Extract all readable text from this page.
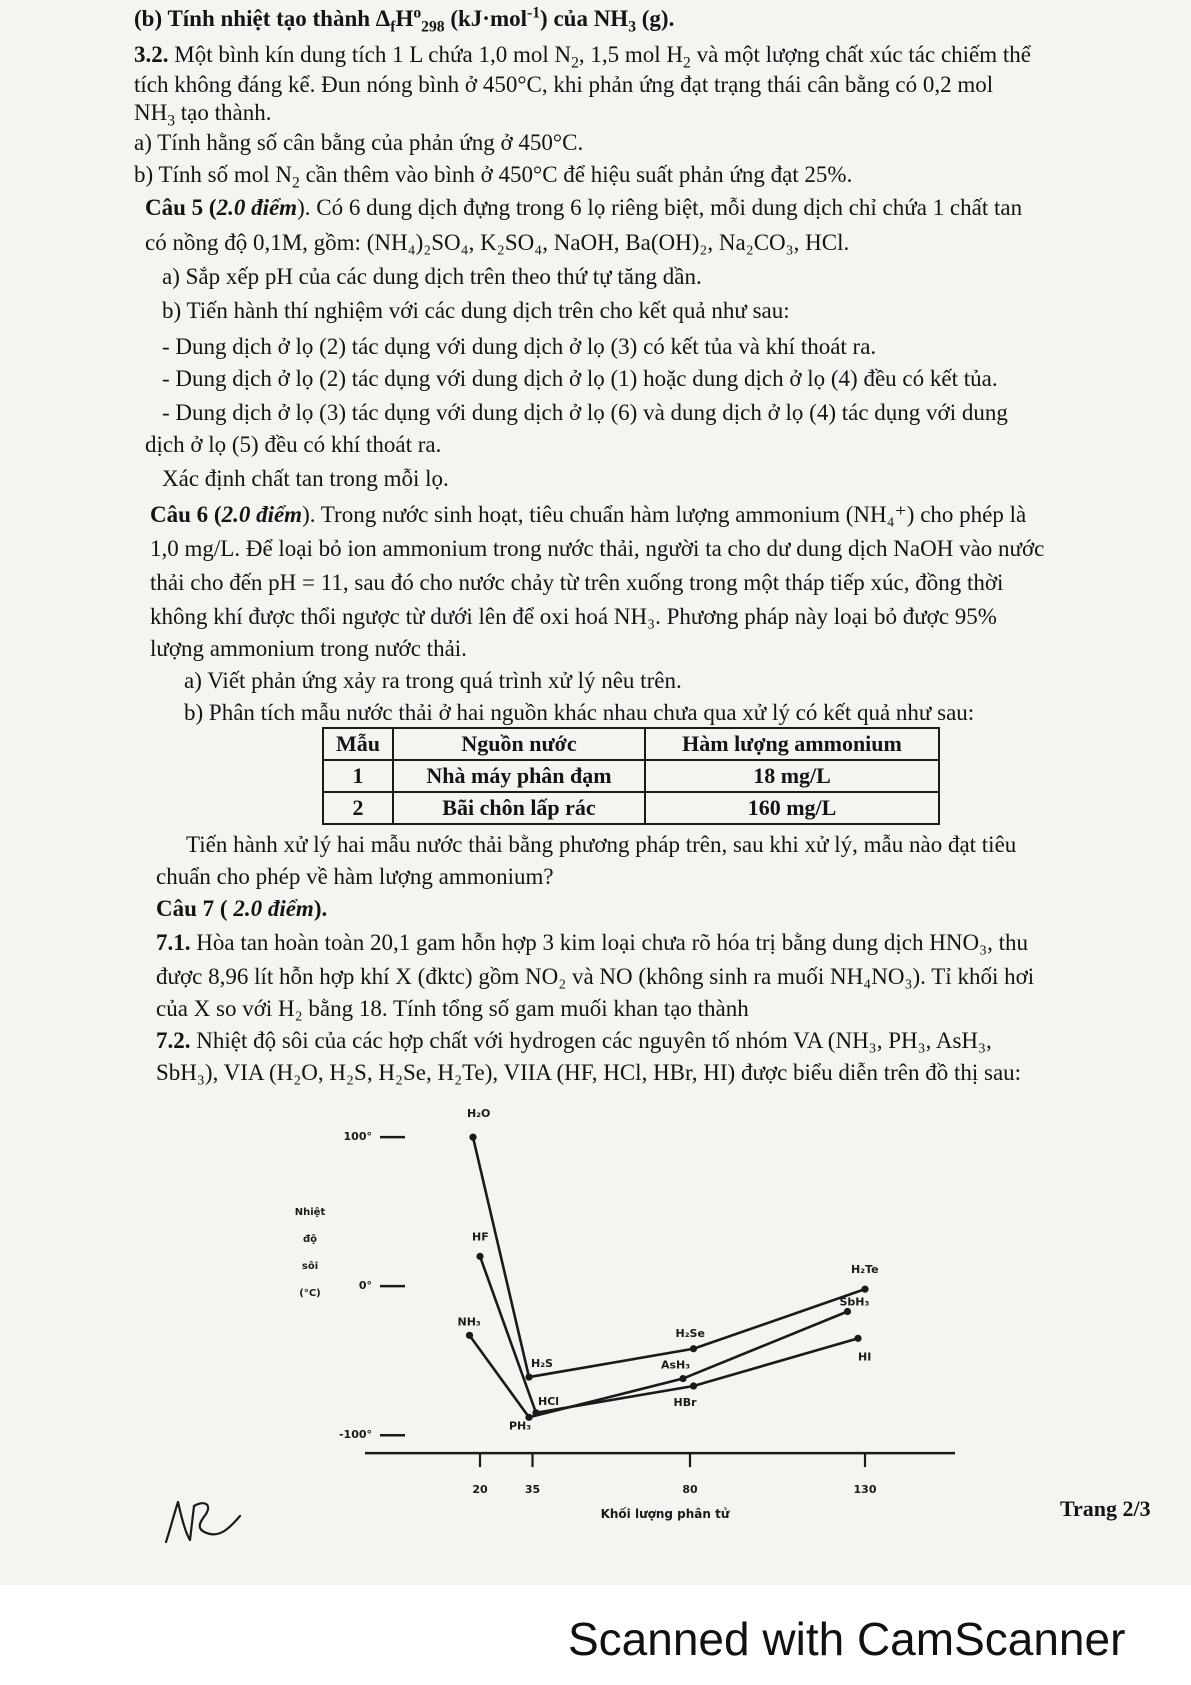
(b) Tính nhiệt tạo thành $\Delta_fH^o_{298}$ (kJ·mol$^{-1}$) của $NH_3$ (g).
3.2. Một bình kín dung tích 1 L chứa 1,0 mol $N_2$, 1,5 mol $H_2$ và một lượng chất xúc tác chiếm thể
tích không đáng kể. Đun nóng bình ở 450°C, khi phản ứng đạt trạng thái cân bằng có 0,2 mol
$NH_3$ tạo thành.
a) Tính hằng số cân bằng của phản ứng ở 450°C.
b) Tính số mol $N_2$ cần thêm vào bình ở 450°C để hiệu suất phản ứng đạt 25%.
Câu 5 (2.0 điểm). Có 6 dung dịch đựng trong 6 lọ riêng biệt, mỗi dung dịch chỉ chứa 1 chất tan
có nồng độ 0,1M, gồm: (NH₄)₂SO₄, K₂SO₄, NaOH, Ba(OH)₂, Na₂CO₃, HCl.
a) Sắp xếp pH của các dung dịch trên theo thứ tự tăng dần.
b) Tiến hành thí nghiệm với các dung dịch trên cho kết quả như sau:
- Dung dịch ở lọ (2) tác dụng với dung dịch ở lọ (3) có kết tủa và khí thoát ra.
- Dung dịch ở lọ (2) tác dụng với dung dịch ở lọ (1) hoặc dung dịch ở lọ (4) đều có kết tủa.
- Dung dịch ở lọ (3) tác dụng với dung dịch ở lọ (6) và dung dịch ở lọ (4) tác dụng với dung
dịch ở lọ (5) đều có khí thoát ra.
Xác định chất tan trong mỗi lọ.
Câu 6 (2.0 điểm). Trong nước sinh hoạt, tiêu chuẩn hàm lượng ammonium (NH₄⁺) cho phép là
1,0 mg/L. Để loại bỏ ion ammonium trong nước thải, người ta cho dư dung dịch NaOH vào nước
thải cho đến pH = 11, sau đó cho nước chảy từ trên xuống trong một tháp tiếp xúc, đồng thời
không khí được thổi ngược từ dưới lên để oxi hoá NH₃. Phương pháp này loại bỏ được 95%
lượng ammonium trong nước thải.
a) Viết phản ứng xảy ra trong quá trình xử lý nêu trên.
b) Phân tích mẫu nước thải ở hai nguồn khác nhau chưa qua xử lý có kết quả như sau:
Mẫu	Nguồn nước	Hàm lượng ammonium
1	Nhà máy phân đạm	18 mg/L
2	Bãi chôn lấp rác	160 mg/L
Tiến hành xử lý hai mẫu nước thải bằng phương pháp trên, sau khi xử lý, mẫu nào đạt tiêu
chuẩn cho phép về hàm lượng ammonium?
Câu 7 ( 2.0 điểm).
7.1. Hòa tan hoàn toàn 20,1 gam hỗn hợp 3 kim loại chưa rõ hóa trị bằng dung dịch HNO₃, thu
được 8,96 lít hỗn hợp khí X (đktc) gồm NO₂ và NO (không sinh ra muối NH₄NO₃). Tỉ khối hơi
của X so với H₂ bằng 18. Tính tổng số gam muối khan tạo thành
7.2. Nhiệt độ sôi của các hợp chất với hydrogen các nguyên tố nhóm VA (NH₃, PH₃, AsH₃,
SbH₃), VIA (H₂O, H₂S, H₂Se, H₂Te), VIIA (HF, HCl, HBr, HI) được biểu diễn trên đồ thị sau:
100°
0°
-100°
20	35	80	130
Nhiệt
độ
sôi
(°C)
Khối lượng phân tử
H₂O
H₂S
H₂Se
H₂Te
HF
HCl	HBr
HI
NH₃
PH₃
AsH₃
SbH₃
Trang 2/3
Scanned with CamScanner
